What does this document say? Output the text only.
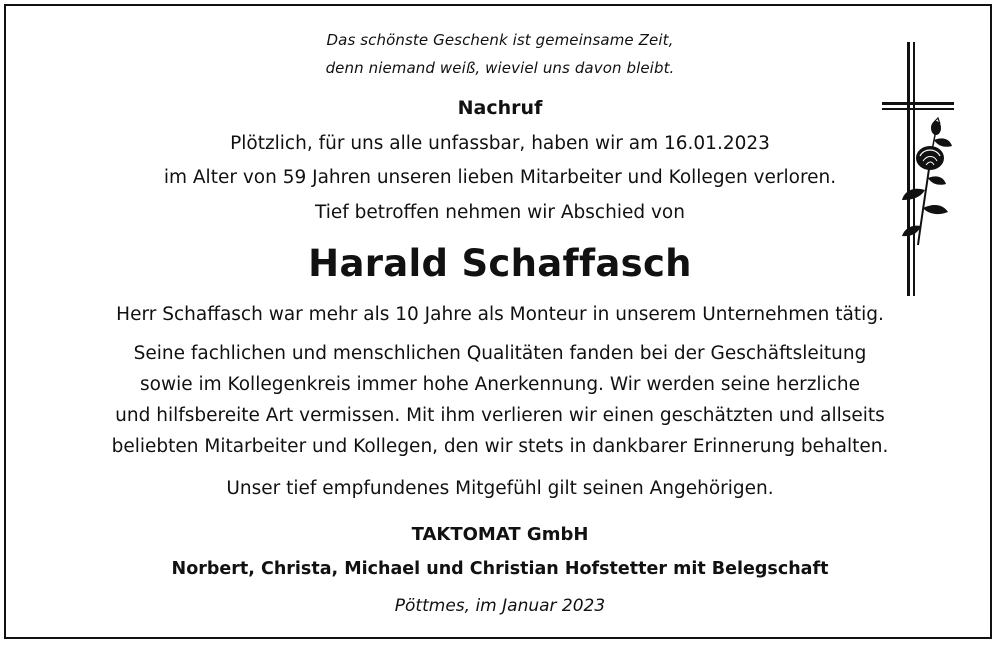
Das schönste Geschenk ist gemeinsame Zeit,
denn niemand weiß, wieviel uns davon bleibt.
Nachruf
Plötzlich, für uns alle unfassbar, haben wir am 16.01.2023
im Alter von 59 Jahren unseren lieben Mitarbeiter und Kollegen verloren.
Tief betroffen nehmen wir Abschied von
Harald Schaffasch
Herr Schaffasch war mehr als 10 Jahre als Monteur in unserem Unternehmen tätig.
Seine fachlichen und menschlichen Qualitäten fanden bei der Geschäftsleitung
sowie im Kollegenkreis immer hohe Anerkennung. Wir werden seine herzliche
und hilfsbereite Art vermissen. Mit ihm verlieren wir einen geschätzten und allseits
beliebten Mitarbeiter und Kollegen, den wir stets in dankbarer Erinnerung behalten.
Unser tief empfundenes Mitgefühl gilt seinen Angehörigen.
TAKTOMAT GmbH
Norbert, Christa, Michael und Christian Hofstetter mit Belegschaft
Pöttmes, im Januar 2023
